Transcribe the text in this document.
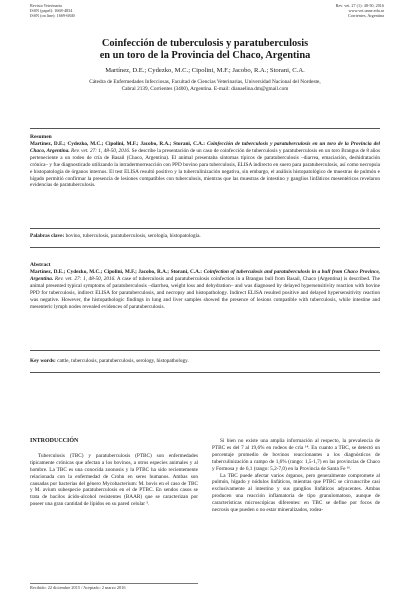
Revista Veterinaria
ISSN (papel): 1668-4834
ISSN (on line): 1669-6840
Rev. vet. 27 (1): 48-50, 2016
www.vet.unne.edu.ar
Corrientes, Argentina
Coinfección de tuberculosis y paratuberculosis
en un toro de la Provincia del Chaco, Argentina
Martínez, D.E.; Cydezko, M.C.; Cipolini, M.F.; Jacobo, R.A.; Storani, C.A.
Cátedra de Enfermedades Infecciosas, Facultad de Ciencias Veterinarias, Universidad Nacional del Nordeste,
Cabral 2139, Corrientes (3400), Argentina. E-mail: dianaelina.dm@gmail.com
Resumen
Martínez, D.E.; Cydezko, M.C.; Cipolini, M.F.; Jacobo, R.A.; Storani, C.A.: Coinfección de tuberculosis y paratuberculosis en un toro de la Provincia del Chaco, Argentina. Rev. vet. 27: 1, 48-50, 2016. Se describe la presentación de un caso de coinfección de tuberculosis y paratuberculosis en un toro Brangus de 8 años perteneciente a un rodeo de cría de Basail (Chaco, Argentina). El animal presentaba síntomas típicos de paratuberculosis –diarrea, emaciación, deshidratación crónica– y fue diagnosticado utilizando la intradermorreacción con PPD bovino para tuberculosis, ELISA indirecto en suero para paratuberculosis, así como necropsia e histopatología de órganos internos. El test ELISA resultó positivo y la tuberculinización negativa, sin embargo, el análisis histopatológico de muestras de pulmón e hígado permitió confirmar la presencia de lesiones compatibles con tuberculosis, mientras que las muestras de intestino y ganglios linfáticos mesentéricos revelaron evidencias de paratuberculosis.
Palabras clave: bovino, tuberculosis, paratuberculosis, serología, histopatología.
Abstract
Martínez, D.E.; Cydezko, M.C.; Cipolini, M.F.; Jacobo, R.A.; Storani, C.A.: Coinfection of tuberculosis and paratuberculosis in a bull from Chaco Province, Argentina. Rev. vet. 27: 1, 48-50, 2016. A case of tuberculosis and paratuberculosis coinfection in a Brangus bull from Basail, Chaco (Argentina) is described. The animal presented typical symptoms of paratuberculosis –diarrhea, weight loss and dehydration– and was diagnosed by delayed hypersensitivity reaction with bovine PPD for tuberculosis, indirect ELISA for paratuberculosis, and necropsy and histopathology. Indirect ELISA resulted positive and delayed hypersensitivity reaction was negative. However, the histopathologic findings in lung and liver samples showed the presence of lesions compatible with tuberculosis, while intestine and mesenteric lymph nodes revealed evidences of paratuberculosis.
Key words: cattle, tuberculosis, paratuberculosis, serology, histopathology.
INTRODUCCIÓN

Tuberculosis (TBC) y paratuberculosis (PTBC) son enfermedades típicamente crónicas que afectan a los bovinos, a otros especies animales y al hombre. La TBC es una conocida zoonosis y la PTBC ha sido recientemente relacionada con la enfermedad de Crohn en seres humanos. Ambas son causadas por bacterias del género Mycobacterium: M. bovis en el caso de TBC y M. avium subespecie paratuberculosis en el de PTBC. En sendos casos se trata de bacilos ácido-alcohol resistentes (BAAR) que se caracterizan por poseer una gran cantidad de lípidos en su pared celular ⁵.

Si bien no existe una amplia información al respecto, la prevalencia de PTBC es del 7 al 19,6% en rodeos de cría ¹⁴. En cuanto a TBC, se detectó un porcentaje promedio de bovinos reaccionantes a los diagnósticos de tuberculinización a campo de 1,6% (rango: 1,5-1,7) en las provincias de Chaco y Formosa y de 6,1 (rango: 5,2-7,0) en la Provincia de Santa Fe ¹⁶.

La TBC puede afectar varios órganos, pero generalmente compromete al pulmón, hígado y nódulos linfáticos, mientras que PTBC se circunscribe casi exclusivamente al intestino y sus ganglios linfáticos adyacentes. Ambas producen una reacción inflamatoria de tipo granulomatoso, aunque de características microscópicas diferentes: en TBC se define por focos de necrosis que pueden o no estar mineralizados, rodea-

Recibido: 22 diciembre 2015 / Aceptado: 2 marzo 2016
